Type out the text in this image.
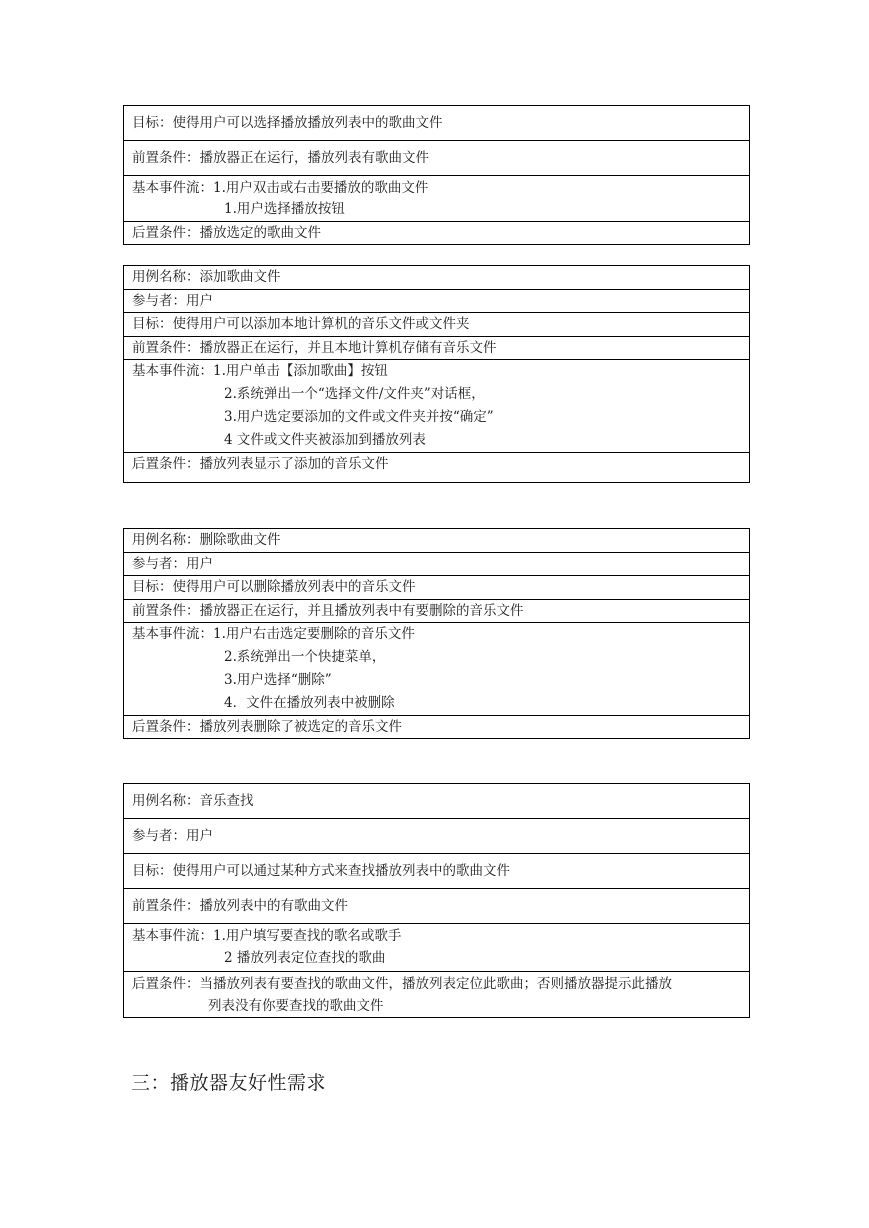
目标：使得用户可以选择播放播放列表中的歌曲文件
前置条件：播放器正在运行，播放列表有歌曲文件

基本事件流：1.用户双击或右击要播放的歌曲文件
1.用户选择播放按钮

后置条件：播放选定的歌曲文件
用例名称：添加歌曲文件
参与者：用户
目标：使得用户可以添加本地计算机的音乐文件或文件夹
前置条件：播放器正在运行，并且本地计算机存储有音乐文件

基本事件流：1.用户单击【添加歌曲】按钮
2.系统弹出一个“选择文件/文件夹”对话框，
3.用户选定要添加的文件或文件夹并按“确定”
4 文件或文件夹被添加到播放列表

后置条件：播放列表显示了添加的音乐文件
用例名称：删除歌曲文件
参与者：用户
目标：使得用户可以删除播放列表中的音乐文件
前置条件：播放器正在运行，并且播放列表中有要删除的音乐文件

基本事件流：1.用户右击选定要删除的音乐文件
2.系统弹出一个快捷菜单，
3.用户选择“删除”
4．文件在播放列表中被删除

后置条件：播放列表删除了被选定的音乐文件
用例名称：音乐查找
参与者：用户
目标：使得用户可以通过某种方式来查找播放列表中的歌曲文件
前置条件：播放列表中的有歌曲文件

基本事件流：1.用户填写要查找的歌名或歌手
2 播放列表定位查找的歌曲

后置条件：当播放列表有要查找的歌曲文件，播放列表定位此歌曲；否则播放器提示此播放
列表没有你要查找的歌曲文件
三：播放器友好性需求
